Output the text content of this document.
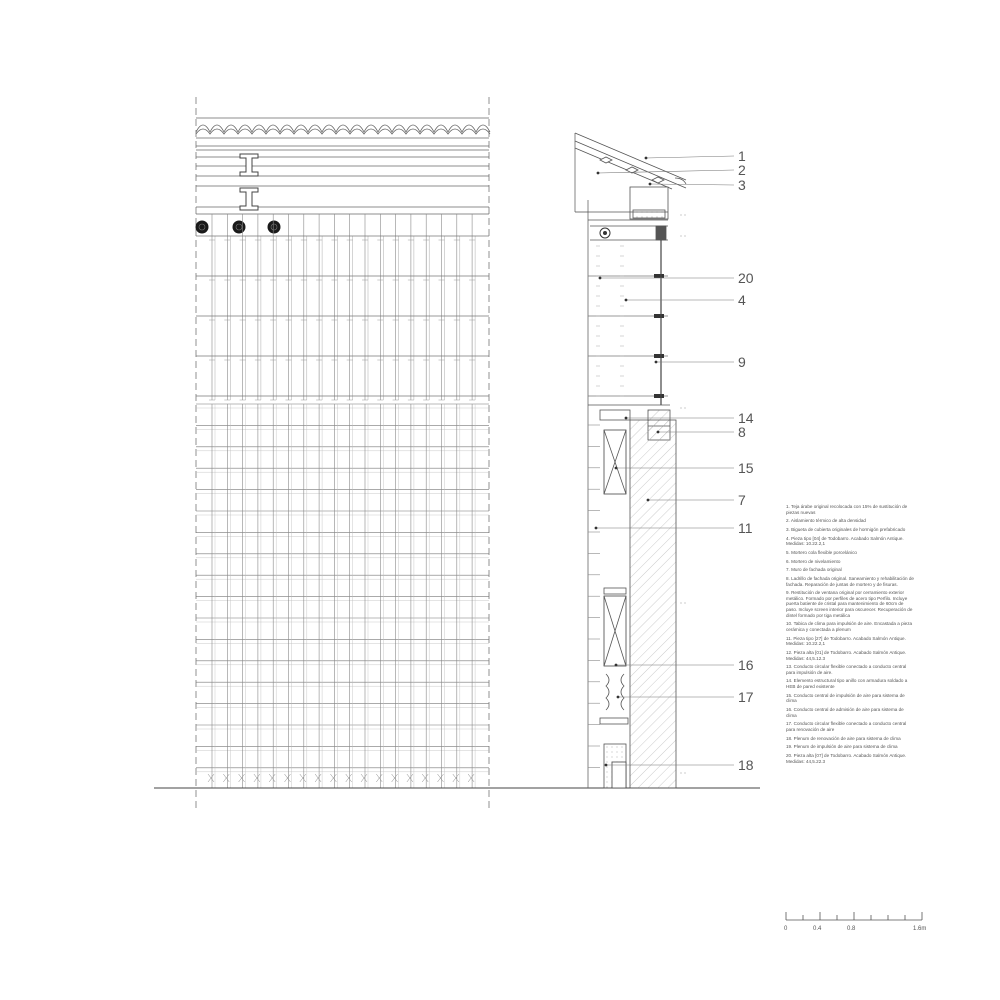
1
2
3
20
4
9
14
8
15
7
11
16
17
18
0	0.4	0.8	1.6m
1. Teja árabe original recolocada con 15% de sustitución de piezas nuevas
2. Aislamiento térmico de alta densidad
3. Bigueta de cubierta originales de hormigón prefabricado
4. Pieza tipo [04] de Todobarro. Acabado Salmón Antique. Medidas: 10.22.2,1
5. Mortero cola flexible porcelánico
6. Mortero de nivelamiento
7. Muro de fachada original
8. Ladrillo de fachada original. Saneamiento y rehabilitación de fachada. Reparación de juntas de mortero y de fisuras.
9. Restitución de ventana original por cerramiento exterior metálico. Formado por perfiles de acero tipo Perfilo. Incluye puerta batiente de cristal para mantenimiento de 60cm de paso. Incluye screen interior para oscurecer. Recuperación de dintel formado por tiga metálica
10. Tabica de clima para impulsión de aire. Encastada a pieza cerámica y conectada a plenum
11. Pieza tipo [27] de Todobarro. Acabado Salmón Antique. Medidas: 10.22.2,1
12. Pieza alta [01] de Todobarro. Acabado Salmón Antique. Medidas: 44,5.12.3
13. Conducto circular flexible conectado a conducto central para impulsión de aire.
14. Elemento estructural tipo anillo con armadura soldado a HEB de pared existente
15. Conducto central de impulsión de aire para sistema de clima
16. Conducto central de admisión de aire para sistema de clima
17. Conducto circular flexible conectado a conducto central para renovación de aire
18. Plenum de renovación de aire para sistema de clima
19. Plenum de impulsión de aire para sistema de clima
20. Pieza alta [07] de Todobarro. Acabado Salmón Antique. Medidas: 44,5.22.3
